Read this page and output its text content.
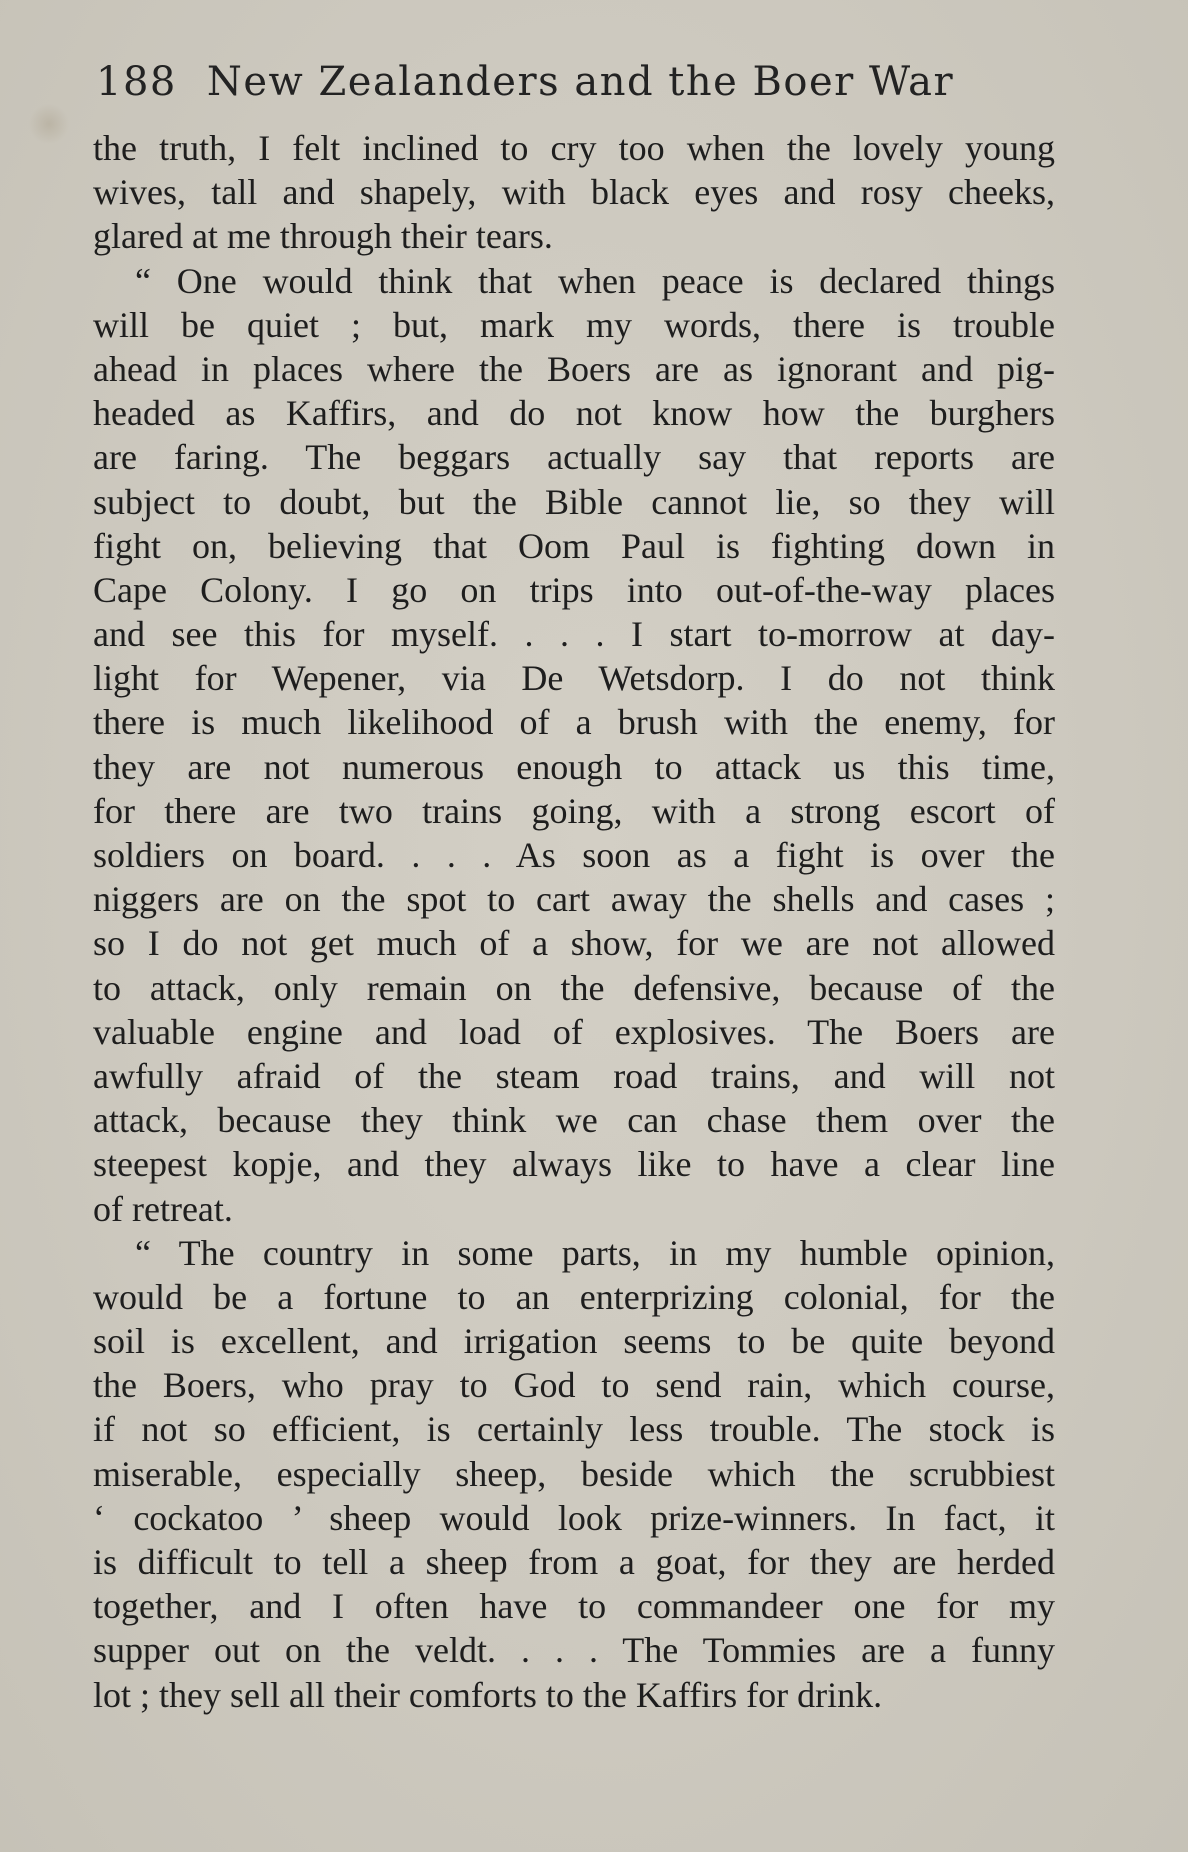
188 New Zealanders and the Boer War
the truth, I felt inclined to cry too when the lovely young
wives, tall and shapely, with black eyes and rosy cheeks,
glared at me through their tears.
“ One would think that when peace is declared things
will be quiet ; but, mark my words, there is trouble
ahead in places where the Boers are as ignorant and pig-
headed as Kaffirs, and do not know how the burghers
are faring. The beggars actually say that reports are
subject to doubt, but the Bible cannot lie, so they will
fight on, believing that Oom Paul is fighting down in
Cape Colony. I go on trips into out-of-the-way places
and see this for myself. . . . I start to-morrow at day-
light for Wepener, via De Wetsdorp. I do not think
there is much likelihood of a brush with the enemy, for
they are not numerous enough to attack us this time,
for there are two trains going, with a strong escort of
soldiers on board. . . . As soon as a fight is over the
niggers are on the spot to cart away the shells and cases ;
so I do not get much of a show, for we are not allowed
to attack, only remain on the defensive, because of the
valuable engine and load of explosives. The Boers are
awfully afraid of the steam road trains, and will not
attack, because they think we can chase them over the
steepest kopje, and they always like to have a clear line
of retreat.
“ The country in some parts, in my humble opinion,
would be a fortune to an enterprizing colonial, for the
soil is excellent, and irrigation seems to be quite beyond
the Boers, who pray to God to send rain, which course,
if not so efficient, is certainly less trouble. The stock is
miserable, especially sheep, beside which the scrubbiest
‘ cockatoo ’ sheep would look prize-winners. In fact, it
is difficult to tell a sheep from a goat, for they are herded
together, and I often have to commandeer one for my
supper out on the veldt. . . . The Tommies are a funny
lot ; they sell all their comforts to the Kaffirs for drink.
